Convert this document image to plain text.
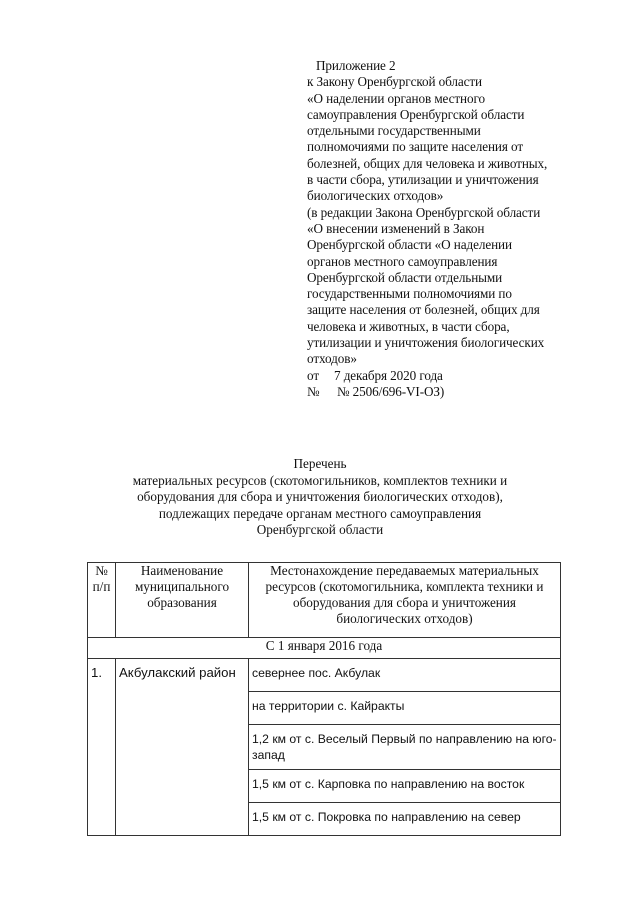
Приложение 2
к Закону Оренбургской области
«О наделении органов местного
самоуправления Оренбургской области
отдельными государственными
полномочиями по защите населения от
болезней, общих для человека и животных,
в части сбора, утилизации и уничтожения
биологических отходов»
(в редакции Закона Оренбургской области
«О внесении изменений в Закон
Оренбургской области «О наделении
органов местного самоуправления
Оренбургской области отдельными
государственными полномочиями по
защите населения от болезней, общих для
человека и животных, в части сбора,
утилизации и уничтожения биологических
отходов»
от	7 декабря 2020 года
№	№ 2506/696-VI-ОЗ)
Перечень
материальных ресурсов (скотомогильников, комплектов техники и
оборудования для сбора и уничтожения биологических отходов),
подлежащих передаче органам местного самоуправления
Оренбургской области
№ п/п	Наименование муниципального образования	Местонахождение передаваемых материальных ресурсов (скотомогильника, комплекта техники и оборудования для сбора и уничтожения биологических отходов)
С 1 января 2016 года		
1.	Акбулакский район	севернее пос. Акбулак
		на территории с. Кайракты
		1,2 км от с. Веселый Первый по направлению на юго-запад
		1,5 км от с. Карповка по направлению на восток
		1,5 км от с. Покровка по направлению на север
